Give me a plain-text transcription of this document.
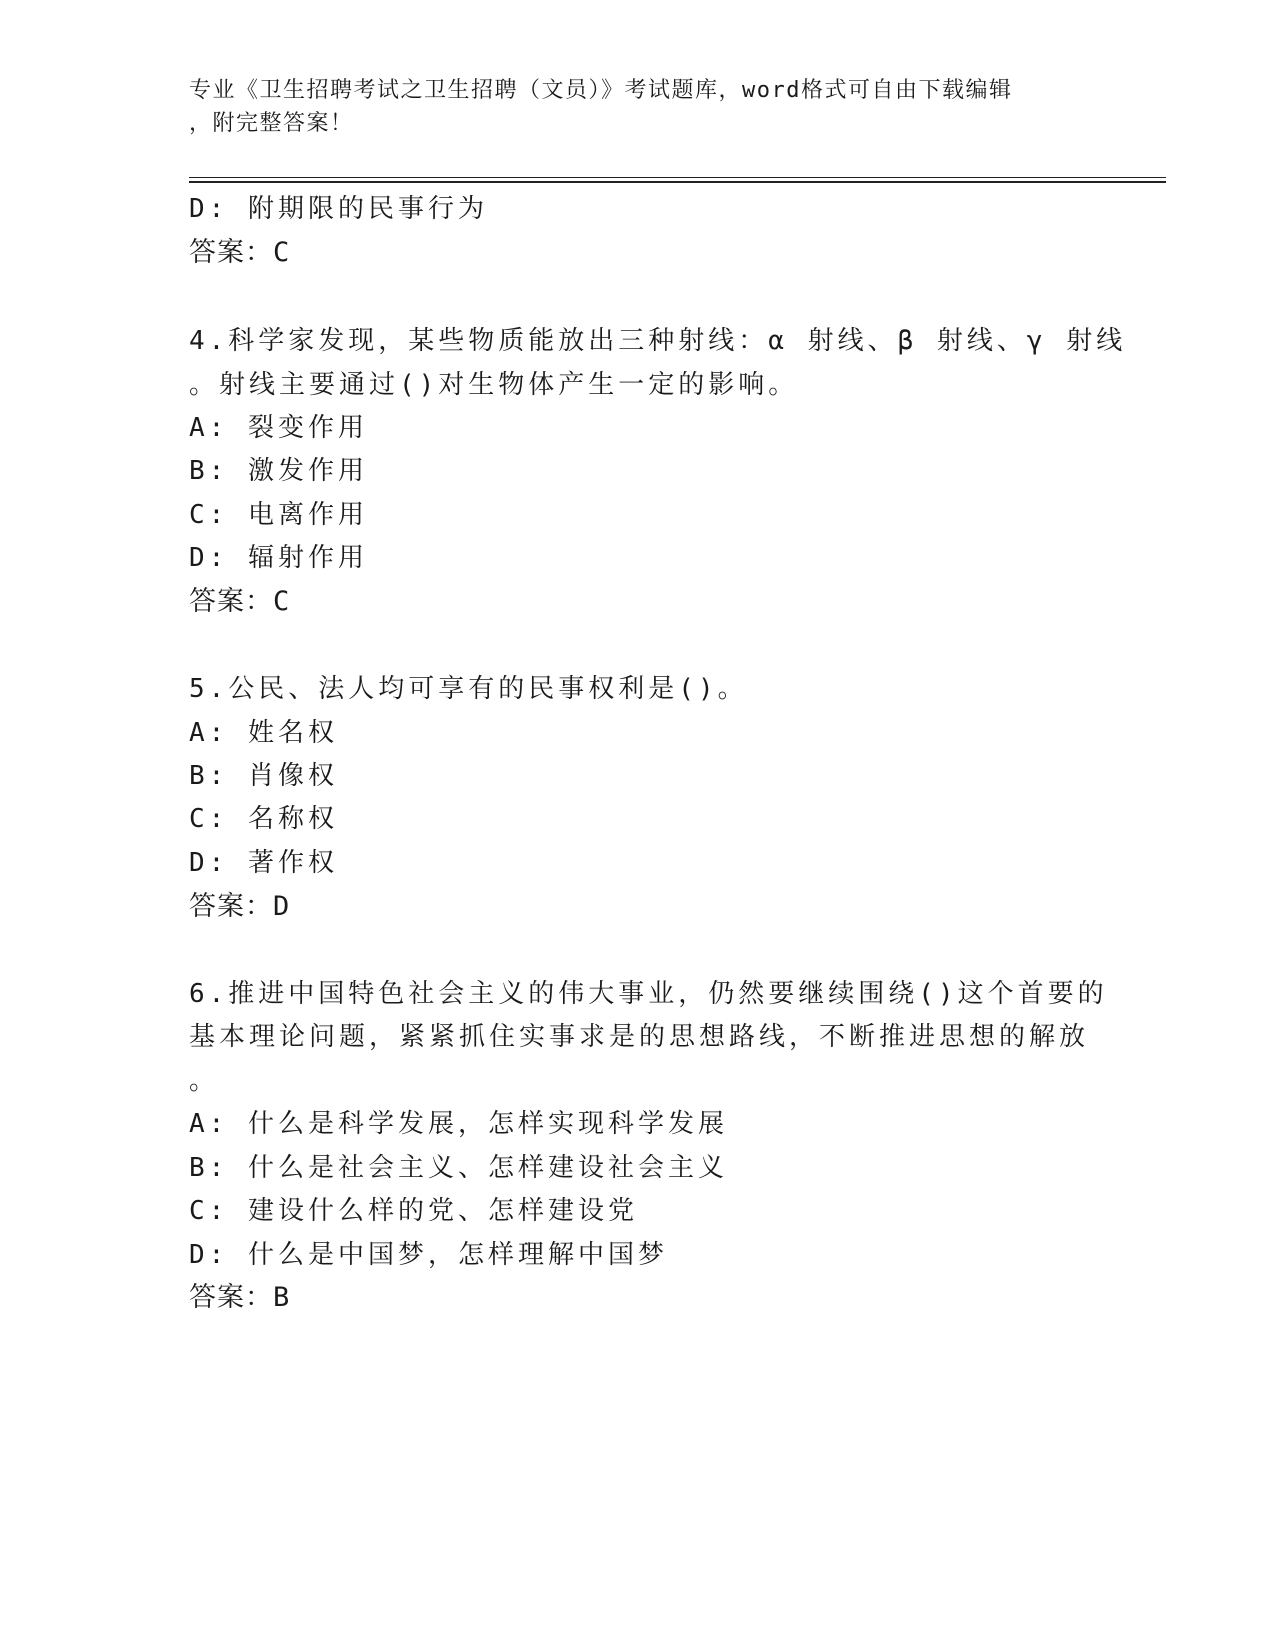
专业《卫生招聘考试之卫生招聘（文员）》考试题库，word格式可自由下载编辑
，附完整答案！
D: 附期限的民事行为
答案：C
4.科学家发现，某些物质能放出三种射线：α 射线、β 射线、γ 射线
。射线主要通过()对生物体产生一定的影响。
A: 裂变作用
B: 激发作用
C: 电离作用
D: 辐射作用
答案：C
5.公民、法人均可享有的民事权利是()。
A: 姓名权
B: 肖像权
C: 名称权
D: 著作权
答案：D
6.推进中国特色社会主义的伟大事业，仍然要继续围绕()这个首要的
基本理论问题，紧紧抓住实事求是的思想路线，不断推进思想的解放
。
A: 什么是科学发展，怎样实现科学发展
B: 什么是社会主义、怎样建设社会主义
C: 建设什么样的党、怎样建设党
D: 什么是中国梦，怎样理解中国梦
答案：B
